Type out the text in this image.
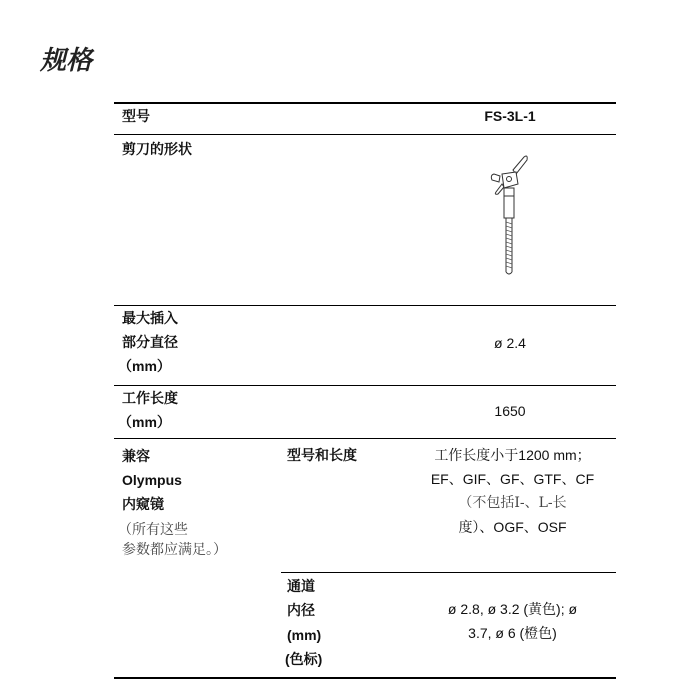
规格
型号	FS-3L-1
剪刀的形状
最大插入
部分直径
（mm）
ø 2.4
工作长度
（mm）
1650
兼容
Olympus
内窥镜
（所有这些
参数都应满足。）
型号和长度	工作长度小于1200 mm；
EF、GIF、GF、GTF、CF
（不包括I-、L-长
度）、OGF、OSF
通道
内径
(mm)
(色标)
ø 2.8, ø 3.2 (黄色); ø
3.7, ø 6 (橙色)
